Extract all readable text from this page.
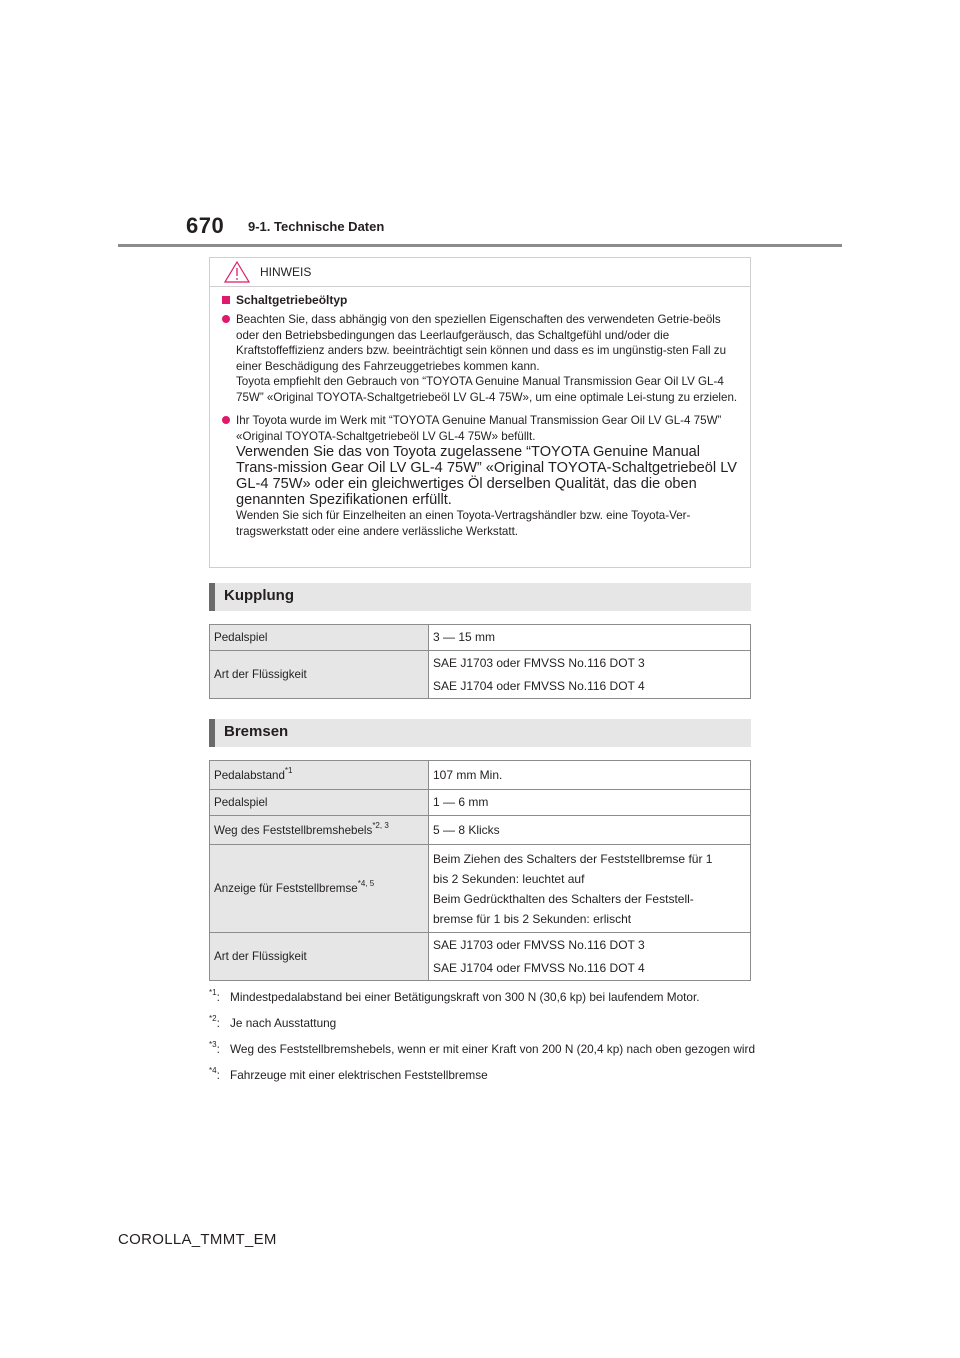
670 9-1. Technische Daten
HINWEIS
Schaltgetriebeöltyp
Beachten Sie, dass abhängig von den speziellen Eigenschaften des verwendeten Getrie-beöls oder den Betriebsbedingungen das Leerlaufgeräusch, das Schaltgefühl und/oder die Kraftstoffeffizienz anders bzw. beeinträchtigt sein können und dass es im ungünstig-sten Fall zu einer Beschädigung des Fahrzeuggetriebes kommen kann.
Toyota empfiehlt den Gebrauch von “TOYOTA Genuine Manual Transmission Gear Oil LV GL-4 75W” «Original TOYOTA-Schaltgetriebeöl LV GL-4 75W», um eine optimale Lei-stung zu erzielen.
Ihr Toyota wurde im Werk mit “TOYOTA Genuine Manual Transmission Gear Oil LV GL-4 75W” «Original TOYOTA-Schaltgetriebeöl LV GL-4 75W» befüllt.
Verwenden Sie das von Toyota zugelassene “TOYOTA Genuine Manual Trans-mission Gear Oil LV GL-4 75W” «Original TOYOTA-Schaltgetriebeöl LV GL-4 75W» oder ein gleichwertiges Öl derselben Qualität, das die oben genannten Spezifikationen erfüllt.
Wenden Sie sich für Einzelheiten an einen Toyota-Vertragshändler bzw. eine Toyota-Ver-tragswerkstatt oder eine andere verlässliche Werkstatt.
Kupplung
Pedalspiel	3 — 15 mm

Art der Flüssigkeit	SAE J1703 oder FMVSS No.116 DOT 3
SAE J1704 oder FMVSS No.116 DOT 4
Bremsen
Pedalabstand$^{*1}$	107 mm Min.

Pedalspiel	1 — 6 mm

Weg des Feststellbremshebels$^{*2, 3}$	5 — 8 Klicks

Anzeige für Feststellbremse$^{*4, 5}$	Beim Ziehen des Schalters der Feststellbremse für 1
bis 2 Sekunden: leuchtet auf
Beim Gedrückthalten des Schalters der Feststell-
bremse für 1 bis 2 Sekunden: erlischt

Art der Flüssigkeit	SAE J1703 oder FMVSS No.116 DOT 3
SAE J1704 oder FMVSS No.116 DOT 4
$^{*1}$: Mindestpedalabstand bei einer Betätigungskraft von 300 N (30,6 kp) bei laufendem Motor.
$^{*2}$: Je nach Ausstattung
$^{*3}$: Weg des Feststellbremshebels, wenn er mit einer Kraft von 200 N (20,4 kp) nach oben gezogen wird
$^{*4}$: Fahrzeuge mit einer elektrischen Feststellbremse
COROLLA_TMMT_EM
